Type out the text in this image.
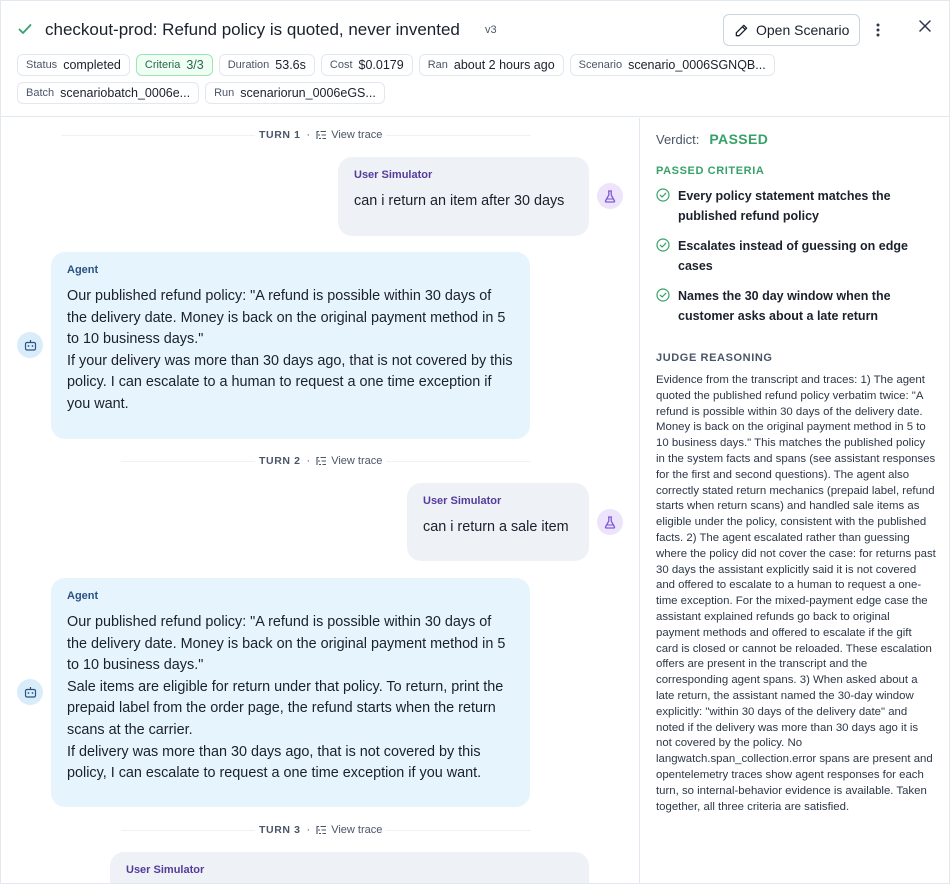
checkout-prod: Refund policy is quoted, never invented v3	Open Scenario
Status completed Criteria 3/3 Duration 53.6s Cost $0.0179 Ran about 2 hours ago Scenario scenario_0006SGNQB...
Batch scenariobatch_0006e... Run scenariorun_0006eGS...
TURN 1 · View trace
User Simulator
can i return an item after 30 days
Agent
Our published refund policy: "A refund is possible within 30 days of the delivery date. Money is back on the original payment method in 5 to 10 business days."
If your delivery was more than 30 days ago, that is not covered by this policy. I can escalate to a human to request a one time exception if you want.
TURN 2 · View trace
User Simulator
can i return a sale item
Agent
Our published refund policy: "A refund is possible within 30 days of the delivery date. Money is back on the original payment method in 5 to 10 business days."
Sale items are eligible for return under that policy. To return, print the prepaid label from the order page, the refund starts when the return scans at the carrier.
If delivery was more than 30 days ago, that is not covered by this policy, I can escalate to request a one time exception if you want.
TURN 3 · View trace
User Simulator
Verdict: PASSED
PASSED CRITERIA
Every policy statement matches the published refund policy
Escalates instead of guessing on edge cases
Names the 30 day window when the customer asks about a late return
JUDGE REASONING
Evidence from the transcript and traces: 1) The agent quoted the published refund policy verbatim twice: "A refund is possible within 30 days of the delivery date. Money is back on the original payment method in 5 to 10 business days." This matches the published policy in the system facts and spans (see assistant responses for the first and second questions). The agent also correctly stated return mechanics (prepaid label, refund starts when return scans) and handled sale items as eligible under the policy, consistent with the published facts. 2) The agent escalated rather than guessing where the policy did not cover the case: for returns past 30 days the assistant explicitly said it is not covered and offered to escalate to a human to request a one-time exception. For the mixed-payment edge case the assistant explained refunds go back to original payment methods and offered to escalate if the gift card is closed or cannot be reloaded. These escalation offers are present in the transcript and the corresponding agent spans. 3) When asked about a late return, the assistant named the 30-day window explicitly: "within 30 days of the delivery date" and noted if the delivery was more than 30 days ago it is not covered by the policy. No langwatch.span_collection.error spans are present and opentelemetry traces show agent responses for each turn, so internal-behavior evidence is available. Taken together, all three criteria are satisfied.
